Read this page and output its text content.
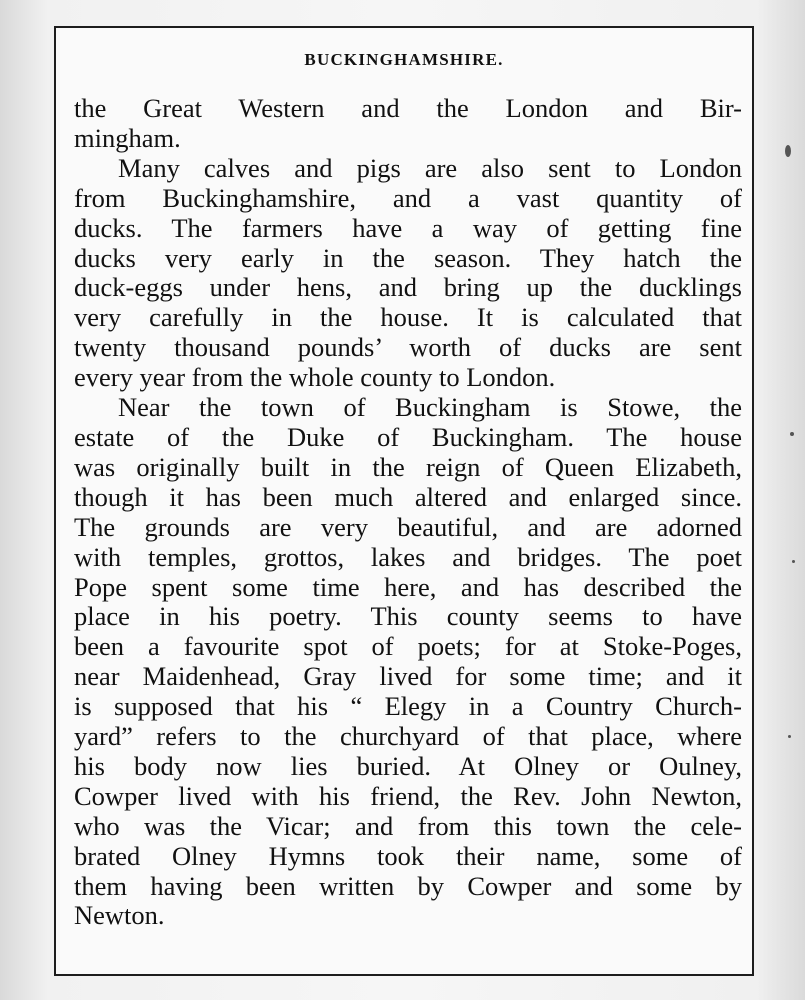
BUCKINGHAMSHIRE.
the Great Western and the London and Bir-
mingham.
Many calves and pigs are also sent to London
from Buckinghamshire, and a vast quantity of
ducks. The farmers have a way of getting fine
ducks very early in the season. They hatch the
duck-eggs under hens, and bring up the ducklings
very carefully in the house. It is calculated that
twenty thousand pounds’ worth of ducks are sent
every year from the whole county to London.
Near the town of Buckingham is Stowe, the
estate of the Duke of Buckingham. The house
was originally built in the reign of Queen Elizabeth,
though it has been much altered and enlarged since.
The grounds are very beautiful, and are adorned
with temples, grottos, lakes and bridges. The poet
Pope spent some time here, and has described the
place in his poetry. This county seems to have
been a favourite spot of poets; for at Stoke-Poges,
near Maidenhead, Gray lived for some time; and it
is supposed that his “ Elegy in a Country Church-
yard” refers to the churchyard of that place, where
his body now lies buried. At Olney or Oulney,
Cowper lived with his friend, the Rev. John Newton,
who was the Vicar; and from this town the cele-
brated Olney Hymns took their name, some of
them having been written by Cowper and some by
Newton.
